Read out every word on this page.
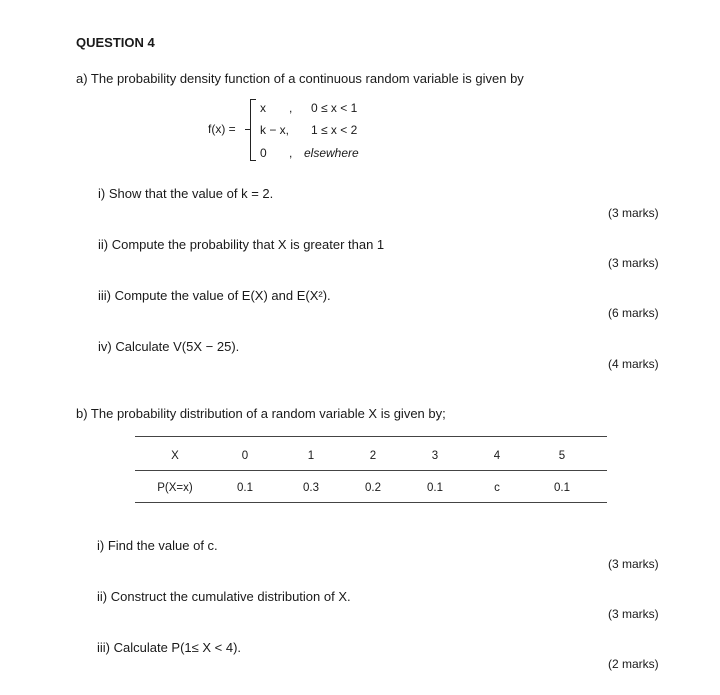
QUESTION 4
a) The probability density function of a continuous random variable is given by
f(x) =
x , 0 ≤ x < 1
k − x, 1 ≤ x < 2
0 , elsewhere
i) Show that the value of k = 2.
(3 marks)
ii) Compute the probability that X is greater than 1
(3 marks)
iii) Compute the value of E(X) and E(X²).
(6 marks)
iv) Calculate V(5X − 25).
(4 marks)
b) The probability distribution of a random variable X is given by;
X	0	1	2	3	4	5
P(X=x)	0.1	0.3	0.2	0.1	c	0.1
i) Find the value of c.
(3 marks)
ii) Construct the cumulative distribution of X.
(3 marks)
iii) Calculate P(1≤ X < 4).
(2 marks)
